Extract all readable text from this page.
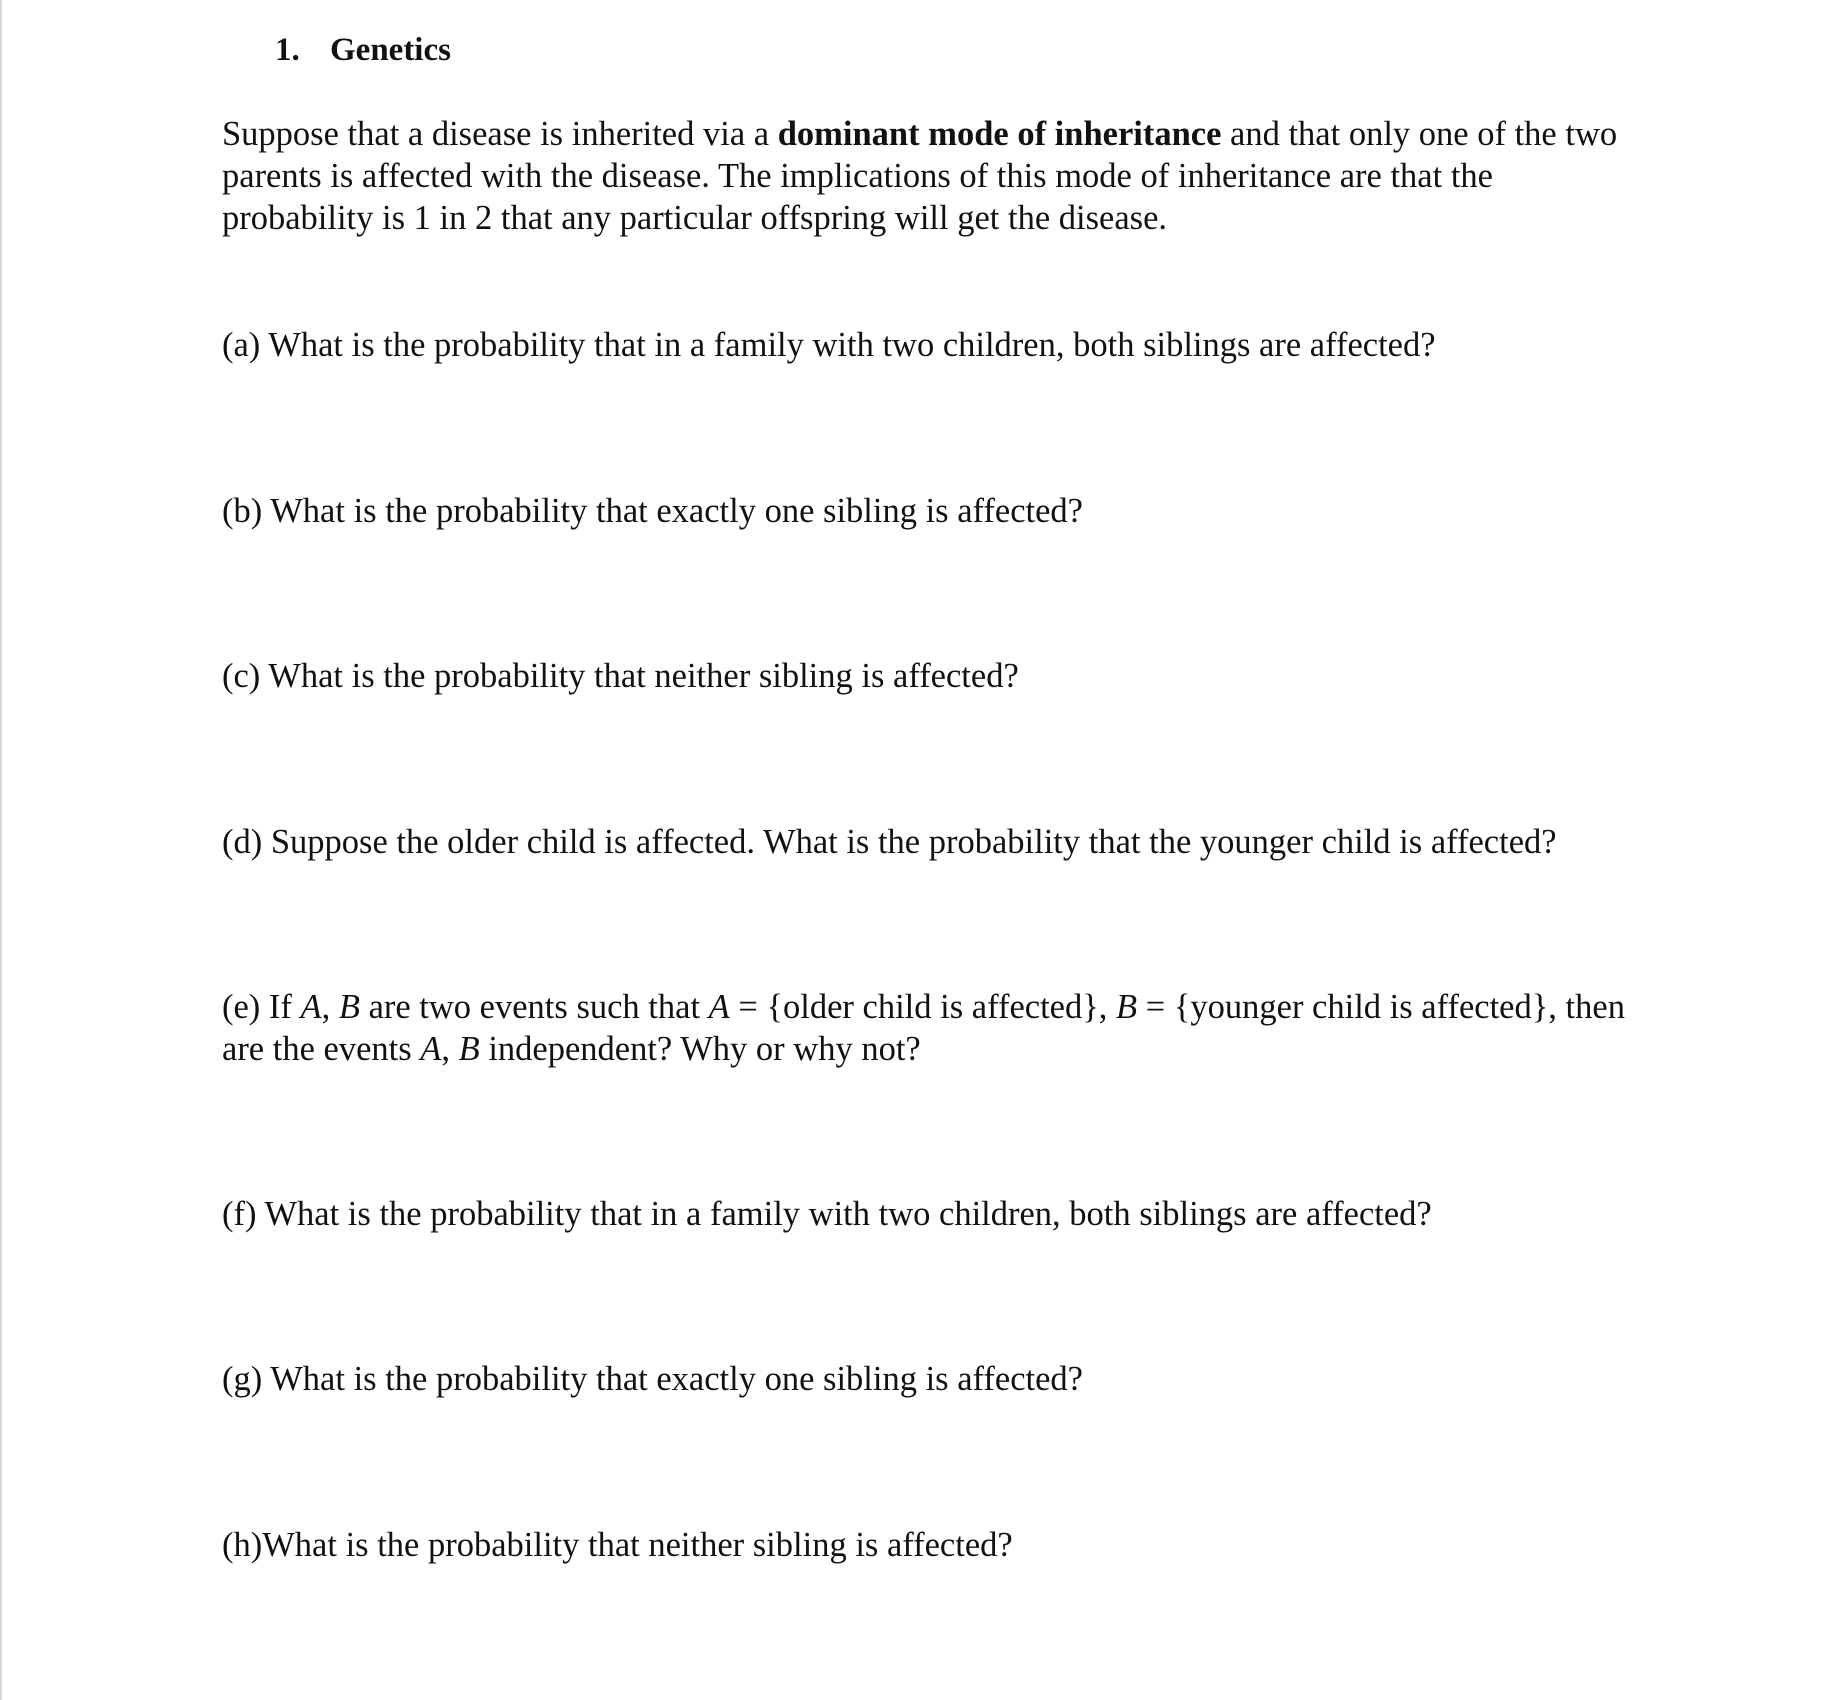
1. Genetics
Suppose that a disease is inherited via a dominant mode of inheritance and that only one of the two parents is affected with the disease. The implications of this mode of inheritance are that the probability is 1 in 2 that any particular offspring will get the disease.
(a) What is the probability that in a family with two children, both siblings are affected?
(b) What is the probability that exactly one sibling is affected?
(c) What is the probability that neither sibling is affected?
(d) Suppose the older child is affected. What is the probability that the younger child is affected?
(e) If A, B are two events such that A = {older child is affected}, B = {younger child is affected}, then are the events A, B independent? Why or why not?
(f) What is the probability that in a family with two children, both siblings are affected?
(g) What is the probability that exactly one sibling is affected?
(h)What is the probability that neither sibling is affected?
